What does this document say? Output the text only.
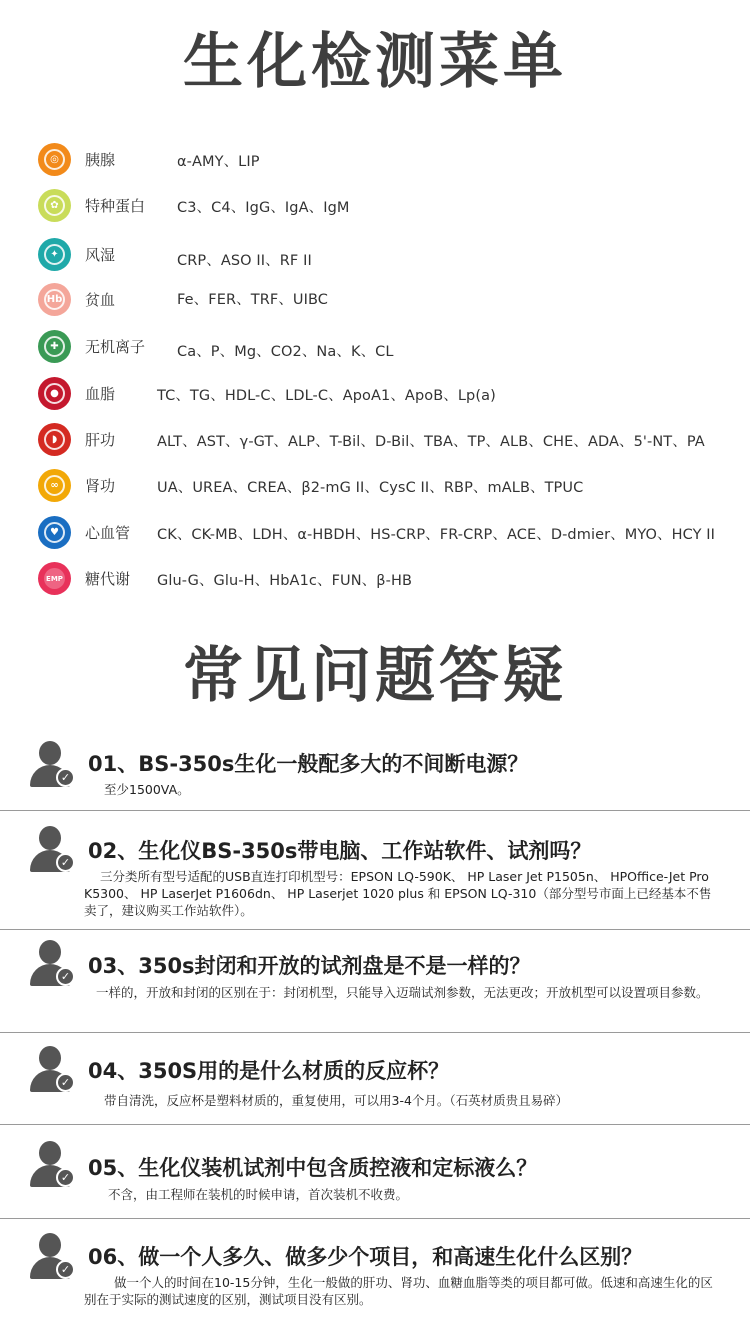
生化检测菜单
◎	胰腺	α-AMY、LIP
✿	特种蛋白 C3、C4、IgG、IgA、IgM
✦	风湿	CRP、ASO II、RF II
Hb 贫血	Fe、FER、TRF、UIBC
✚	无机离子 Ca、P、Mg、CO2、Na、K、CL
●	血脂	TC、TG、HDL-C、LDL-C、ApoA1、ApoB、Lp(a)
◗	肝功	ALT、AST、γ-GT、ALP、T-Bil、D-Bil、TBA、TP、ALB、CHE、ADA、5'-NT、PA
∞	肾功	UA、UREA、CREA、β2-mG II、CysC II、RBP、mALB、TPUC
♥	心血管 CK、CK-MB、LDH、α-HBDH、HS-CRP、FR-CRP、ACE、D-dmier、MYO、HCY II
EMP 糖代谢 Glu-G、Glu-H、HbA1c、FUN、β-HB
常见问题答疑
✓
01、BS-350s生化一般配多大的不间断电源？
至少1500VA。
✓ 02、生化仪BS-350s带电脑、工作站软件、试剂吗？
三分类所有型号适配的USB直连打印机型号：EPSON LQ-590K、 HP Laser Jet P1505n、 HPOffice-Jet Pro K5300、 HP LaserJet P1606dn、 HP Laserjet 1020 plus 和 EPSON LQ-310（部分型号市面上已经基本不售卖了，建议购买工作站软件）。
✓ 03、350s封闭和开放的试剂盘是不是一样的？
一样的，开放和封闭的区别在于：封闭机型，只能导入迈瑞试剂参数，无法更改；开放机型可以设置项目参数。
✓ 04、350S用的是什么材质的反应杯？
带自清洗，反应杯是塑料材质的，重复使用，可以用3-4个月。（石英材质贵且易碎）
✓ 05、生化仪装机试剂中包含质控液和定标液么？
不含，由工程师在装机的时候申请，首次装机不收费。
✓
06、做一个人多久、做多少个项目，和高速生化什么区别？
做一个人的时间在10-15分钟，生化一般做的肝功、肾功、血糖血脂等类的项目都可做。低速和高速生化的区别在于实际的测试速度的区别，测试项目没有区别。
